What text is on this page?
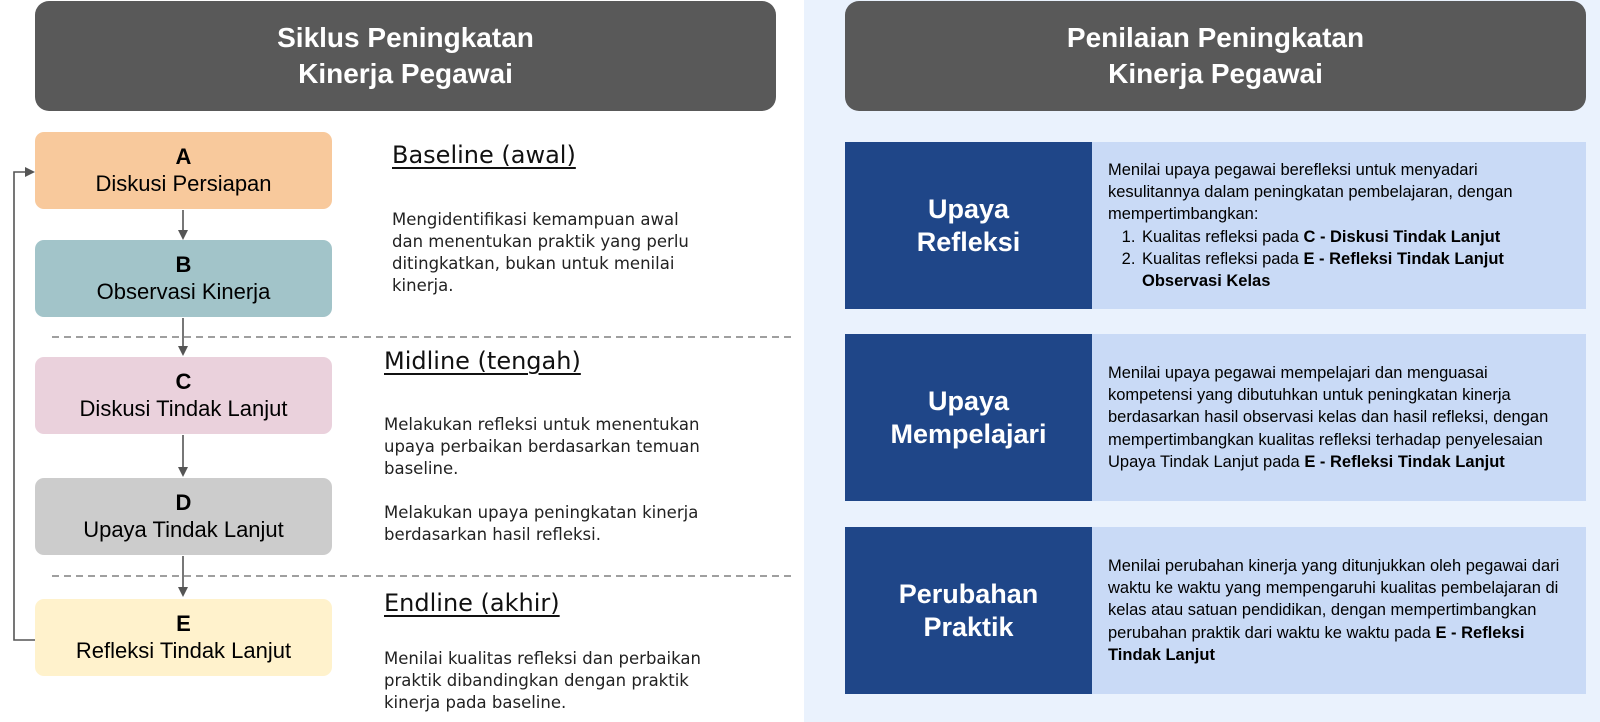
Siklus Peningkatan
Kinerja Pegawai
Penilaian Peningkatan
Kinerja Pegawai
A
Diskusi Persiapan
B
Observasi Kinerja
C
Diskusi Tindak Lanjut
D
Upaya Tindak Lanjut
E
Refleksi Tindak Lanjut
Baseline (awal)
Mengidentifikasi kemampuan awal
dan menentukan praktik yang perlu
ditingkatkan, bukan untuk menilai
kinerja.
Midline (tengah)
Melakukan refleksi untuk menentukan
upaya perbaikan berdasarkan temuan
baseline.
Melakukan upaya peningkatan kinerja
berdasarkan hasil refleksi.
Endline (akhir)
Menilai kualitas refleksi dan perbaikan
praktik dibandingkan dengan praktik
kinerja pada baseline.
Upaya
Refleksi

Menilai upaya pegawai berefleksi untuk menyadari kesulitannya dalam peningkatan pembelajaran, dengan mempertimbangkan:

1. Kualitas refleksi pada C - Diskusi Tindak Lanjut
2. Kualitas refleksi pada E - Refleksi Tindak Lanjut Observasi Kelas
Upaya
Mempelajari

Menilai upaya pegawai mempelajari dan menguasai kompetensi yang dibutuhkan untuk peningkatan kinerja berdasarkan hasil observasi kelas dan hasil refleksi, dengan mempertimbangkan kualitas refleksi terhadap penyelesaian Upaya Tindak Lanjut pada E - Refleksi Tindak Lanjut

Perubahan
Praktik

Menilai perubahan kinerja yang ditunjukkan oleh pegawai dari waktu ke waktu yang mempengaruhi kualitas pembelajaran di kelas atau satuan pendidikan, dengan mempertimbangkan perubahan praktik dari waktu ke waktu pada E - Refleksi Tindak Lanjut
